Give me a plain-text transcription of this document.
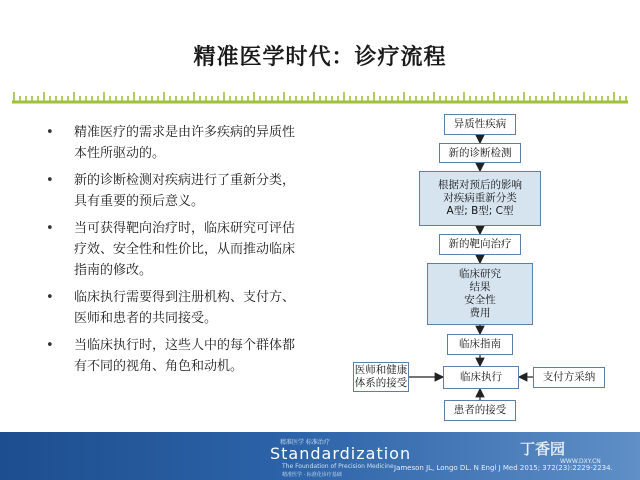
精准医学时代：诊疗流程
• 精准医疗的需求是由许多疾病的异质性本性所驱动的。
• 新的诊断检测对疾病进行了重新分类，具有重要的预后意义。
• 当可获得靶向治疗时，临床研究可评估疗效、安全性和性价比，从而推动临床指南的修改。
• 临床执行需要得到注册机构、支付方、医师和患者的共同接受。
• 当临床执行时，这些人中的每个群体都有不同的视角、角色和动机。
异质性疾病
新的诊断检测
根据对预后的影响
对疾病重新分类
A型; B型; C型
新的靶向治疗
临床研究
结果
安全性
费用
临床指南
临床执行
医师和健康
体系的接受	支付方采纳
患者的接受
精准医学 标准治疗
Standardization
The Foundation of Precision Medicine
精准医学 · 标准化诊疗基础
Jameson JL, Longo DL. N Engl J Med 2015; 372(23):2229-2234.
丁香园
WWW.DXY.CN
